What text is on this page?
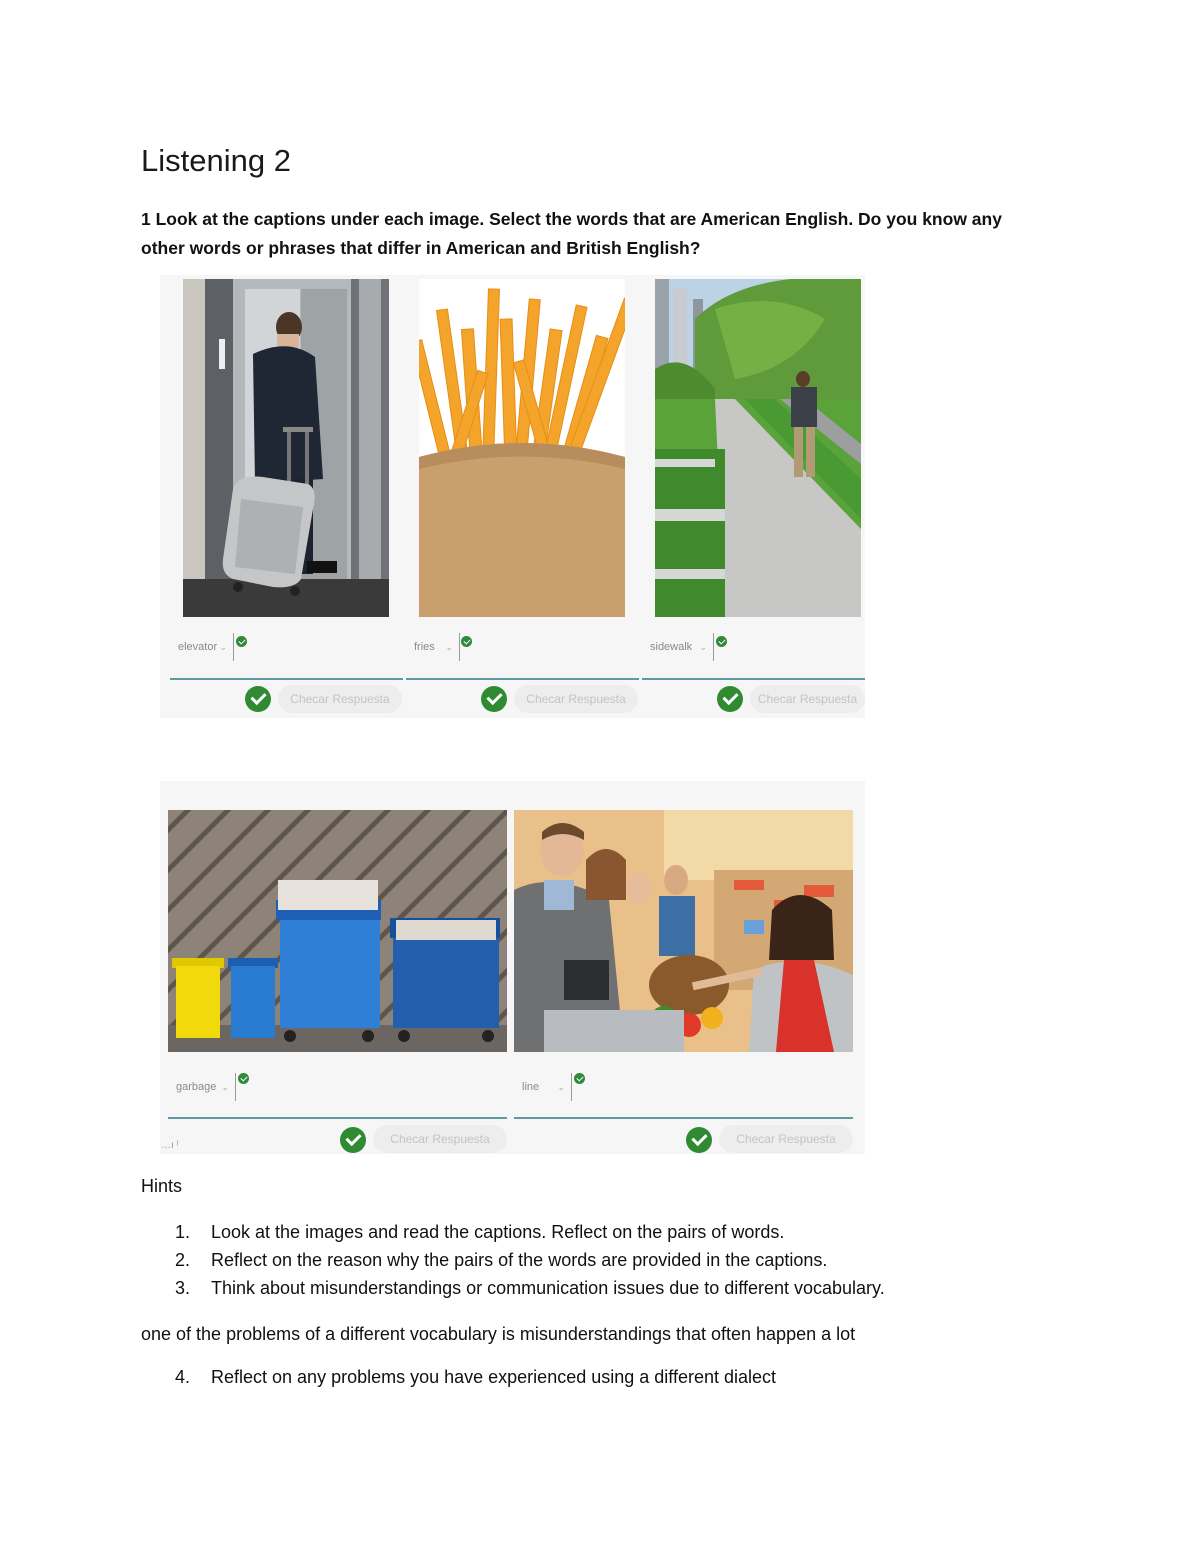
Listening 2

1 Look at the captions under each image. Select the words that are American English. Do you know any other words or phrases that differ in American and British English?

elevator ⌄	fries ⌄	sidewalk ⌄
Checar Respuesta	Checar Respuesta	Checar Respuesta
garbage ⌄	line ⌄
Checar Respuesta	Checar Respuesta
…ı ᴵ
Hints
1. Look at the images and read the captions. Reflect on the pairs of words.
2. Reflect on the reason why the pairs of the words are provided in the captions.
3. Think about misunderstandings or communication issues due to different vocabulary.

one of the problems of a different vocabulary is misunderstandings that often happen a lot

4. Reflect on any problems you have experienced using a different dialect
